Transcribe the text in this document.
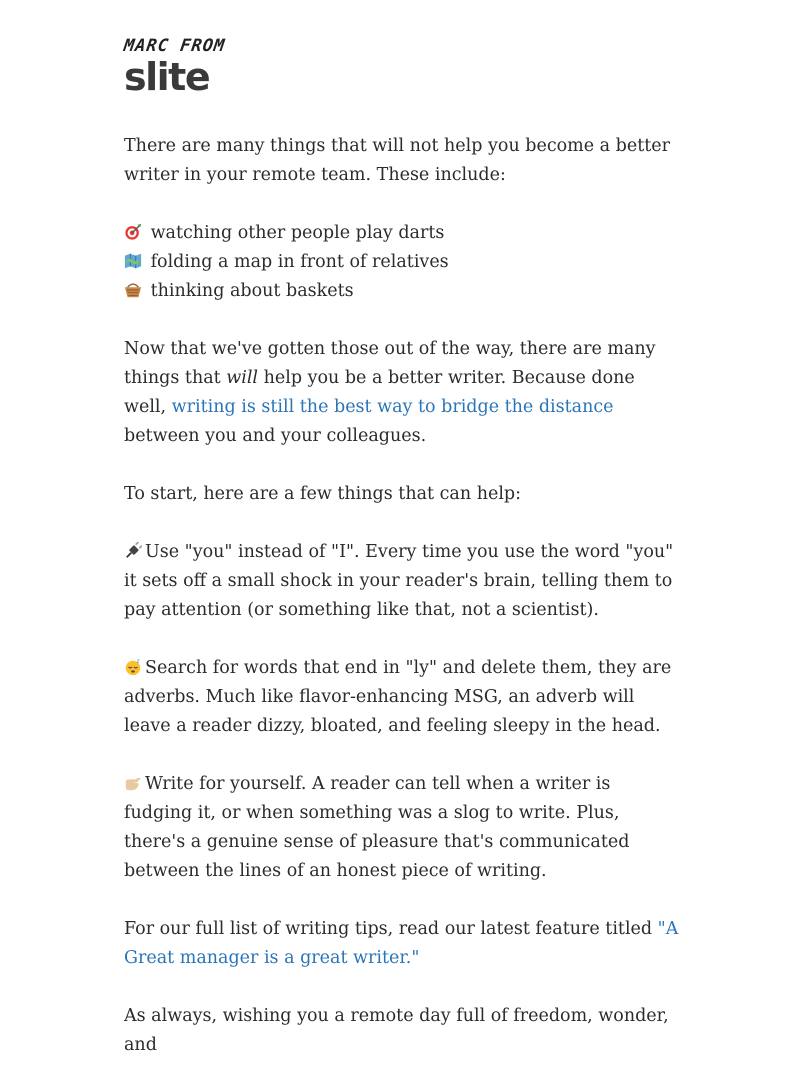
MARC FROM
slite

There are many things that will not help you become a better writer in your remote team. These include:

watching other people play darts
folding a map in front of relatives
thinking about baskets

Now that we've gotten those out of the way, there are many things that will help you be a better writer. Because done well, writing is still the best way to bridge the distance between you and your colleagues.

To start, here are a few things that can help:

Use "you" instead of "I". Every time you use the word "you" it sets off a small shock in your reader's brain, telling them to pay attention (or something like that, not a scientist).

z Search for words that end in "ly" and delete them, they are adverbs. Much like flavor-enhancing MSG, an adverb will leave a reader dizzy, bloated, and feeling sleepy in the head.

Write for yourself. A reader can tell when a writer is fudging it, or when something was a slog to write. Plus, there's a genuine sense of pleasure that's communicated between the lines of an honest piece of writing.

For our full list of writing tips, read our latest feature titled "A Great manager is a great writer."

As always, wishing you a remote day full of freedom, wonder, and
